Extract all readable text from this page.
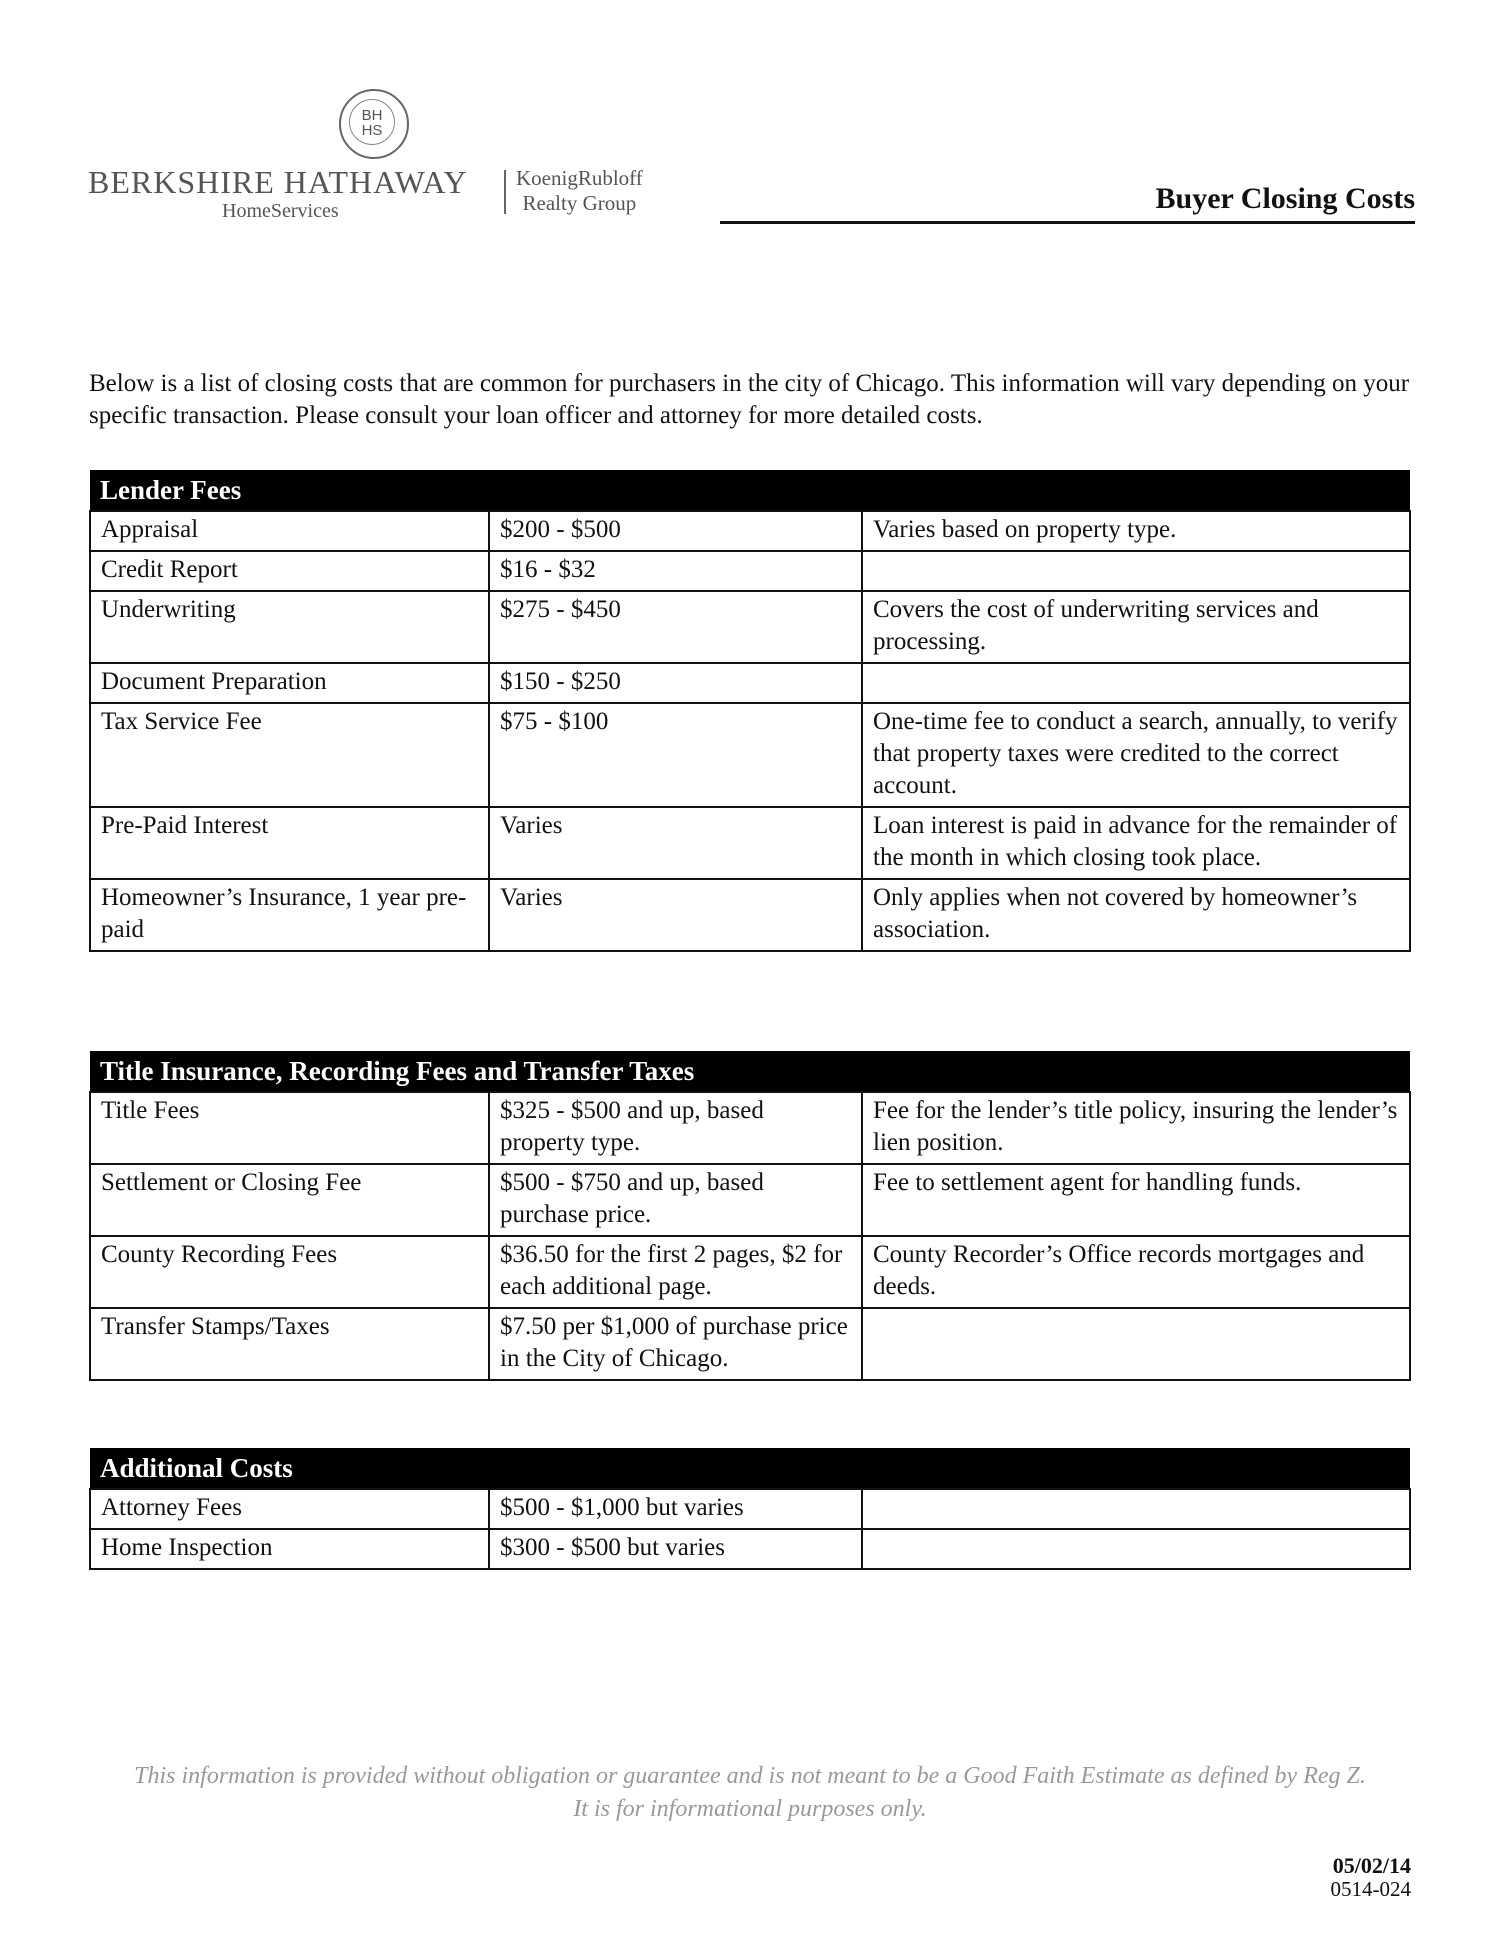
BH
HS
BERKSHIRE HATHAWAY
HomeServices
KoenigRubloff
Realty Group	Buyer Closing Costs
Below is a list of closing costs that are common for purchasers in the city of Chicago. This information will vary depending on your specific transaction. Please consult your loan officer and attorney for more detailed costs.
Lender Fees		
Appraisal	$200 - $500	Varies based on property type.
Credit Report	$16 - $32	
Underwriting	$275 - $450	Covers the cost of underwriting services and processing.
Document Preparation	$150 - $250	
Tax Service Fee	$75 - $100	One-time fee to conduct a search, annually, to verify that property taxes were credited to the correct account.
Pre-Paid Interest	Varies	Loan interest is paid in advance for the remainder of the month in which closing took place.
Homeowner’s Insurance, 1 year pre-paid	Varies	Only applies when not covered by homeowner’s association.
Title Insurance, Recording Fees and Transfer Taxes		
Title Fees	$325 - $500 and up, based property type.	Fee for the lender’s title policy, insuring the lender’s lien position.
Settlement or Closing Fee	$500 - $750 and up, based purchase price.	Fee to settlement agent for handling funds.
County Recording Fees	$36.50 for the first 2 pages, $2 for each additional page.	County Recorder’s Office records mortgages and deeds.
Transfer Stamps/Taxes	$7.50 per $1,000 of purchase price in the City of Chicago.	
Additional Costs		
Attorney Fees	$500 - $1,000 but varies	
Home Inspection	$300 - $500 but varies	
This information is provided without obligation or guarantee and is not meant to be a Good Faith Estimate as defined by Reg Z.
It is for informational purposes only.
05/02/14
0514-024
